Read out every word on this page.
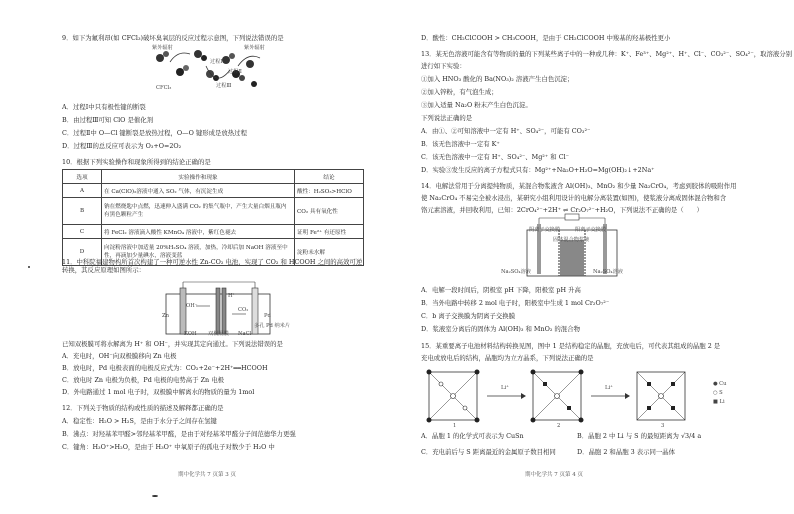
9．如下为氟利昂(如 CFCl₃)破坏臭氧层的反应过程示意图，下列说法错误的是
紫外辐射	紫外辐射
CFCl₃
过程Ⅰ
过程Ⅱ
过程Ⅲ
A．过程Ⅰ中只有极性键的断裂
B．由过程Ⅲ可知 ClO 是催化剂
C．过程Ⅱ中 O—Cl 键断裂是放热过程，O—O 键形成是放热过程
D．过程Ⅲ的总反应可表示为 O₃+O=2O₂
10．根据下列实验操作和现象所得到的结论正确的是
选项	实验操作和现象	结论
A	在 Ca(ClO)₂溶液中通入 SO₂ 气体，有沉淀生成	酸性：H₂SO₃>HClO
B	钠在燃烧匙中点燃，迅速伸入盛满 CO₂ 的集气瓶中，产生大量白烟且瓶内有黑色颗粒产生	CO₂ 具有氧化性
C	将 FeCl₂ 溶液滴入酸性 KMnO₄ 溶液中，紫红色褪去	证明 Fe²⁺ 有还原性
D	向淀粉溶液中加适量 20%H₂SO₄ 溶液，加热，冷却后加 NaOH 溶液至中性，再滴加少量碘水，溶液变蓝	淀粉未水解
11．中科院福建物构所首次构建了一种可逆水性 Zn-CO₂ 电池，实现了 CO₂ 和 HCOOH 之间的高效可逆转换，其反应原理如图所示：
Zn
H⁺
OH⁻
CO₂
Pd
多孔 Pd 纳米片
双极隔膜
KOH	NaCl
已知双极膜可将水解离为 H⁺ 和 OH⁻，并实现其定向通过。下列说法错误的是
A．充电时，OH⁻向双极膜移向 Zn 电极
B．放电时，Pd 电极表面的电极反应式为：CO₂+2e⁻+2H⁺══HCOOH
C．放电时 Zn 电极为负极，Pd 电极的电势高于 Zn 电极
D．外电路通过 1 mol 电子时，双极膜中解离水的物质的量为 1mol
12．下列关于物质的结构或性质的描述及解释都正确的是
A．稳定性：H₂O > H₂S，是由于水分子之间存在氢键
B．沸点：对羟基苯甲醛>邻羟基苯甲醛，是由于对羟基苯甲醛分子间范德华力更强
C．键角：H₃O⁺>H₂O，是由于 H₃O⁺ 中氧原子的孤电子对数少于 H₂O 中
期中化学共 7 页第 3 页
D．酸性：CH₂ClCOOH > CH₃COOH，是由于 CH₂ClCOOH 中羧基的羟基极性更小
13．某无色溶液可能含有等物质的量的下列某些离子中的一种或几种：K⁺、Fe³⁺、Mg²⁺、H⁺、Cl⁻、CO₃²⁻、SO₄²⁻，取溶液分别
进行如下实验：
①加入 HNO₃ 酸化的 Ba(NO₃)₂ 溶液产生白色沉淀；
②加入锌粉，有气泡生成；
③加入适量 Na₂O 粉末产生白色沉淀。
下列说法正确的是
A．由①、②可知溶液中一定有 H⁺、SO₄²⁻，可能有 CO₃²⁻
B．该无色溶液中一定有 K⁺
C．该无色溶液中一定有 H⁺、SO₄²⁻、Mg²⁺ 和 Cl⁻
D．实验③发生反应的离子方程式只有：Mg²⁺+Na₂O+H₂O=Mg(OH)₂↓+2Na⁺
14．电解法常用于分离提纯物质，某混合物浆液含 Al(OH)₃、MnO₂ 和少量 Na₂CrO₄，考虑到胶体的吸附作用
使 Na₂CrO₄ 不易完全被水浸出，某研究小组利用设计的电解分离装置(如图)，使浆液分离成固体混合物和含
铬元素溶液，并回收利用，已知：2CrO₄²⁻+2H⁺ ⇌ Cr₂O₇²⁻+H₂O，下列说法不正确的是（　　）
阴离子交换膜	阳离子交换膜
固体混合物浆液
Na₂SO₄溶液	Na₂SO₄溶液
A．电解一段时间后，阴极室 pH 下降，阳极室 pH 升高
B．当外电路中转移 2 mol 电子时，阳极室中生成 1 mol Cr₂O₇²⁻
C．b 离子交换膜为阴离子交换膜
D．浆液室分离后的固体为 Al(OH)₃ 和 MnO₂ 的混合物
15．某重要离子电池材料结构转换见图，图中 1 是结构稳定的晶胞，充放电后，可代表其组成的晶胞 2 是
充电或放电后的结构，晶胞均为立方晶系，下列说法正确的是
Li⁺	Li⁺
1	2	3
● Cu
○ S
■ Li
A．晶胞 1 的化学式可表示为 CuSn	B．晶胞 2 中 Li 与 S 的最短距离为 √3/4 a
C．充电前后与 S 距离最近的金属原子数目相同	D．晶胞 2 和晶胞 3 表示同一晶体
期中化学共 7 页第 4 页
